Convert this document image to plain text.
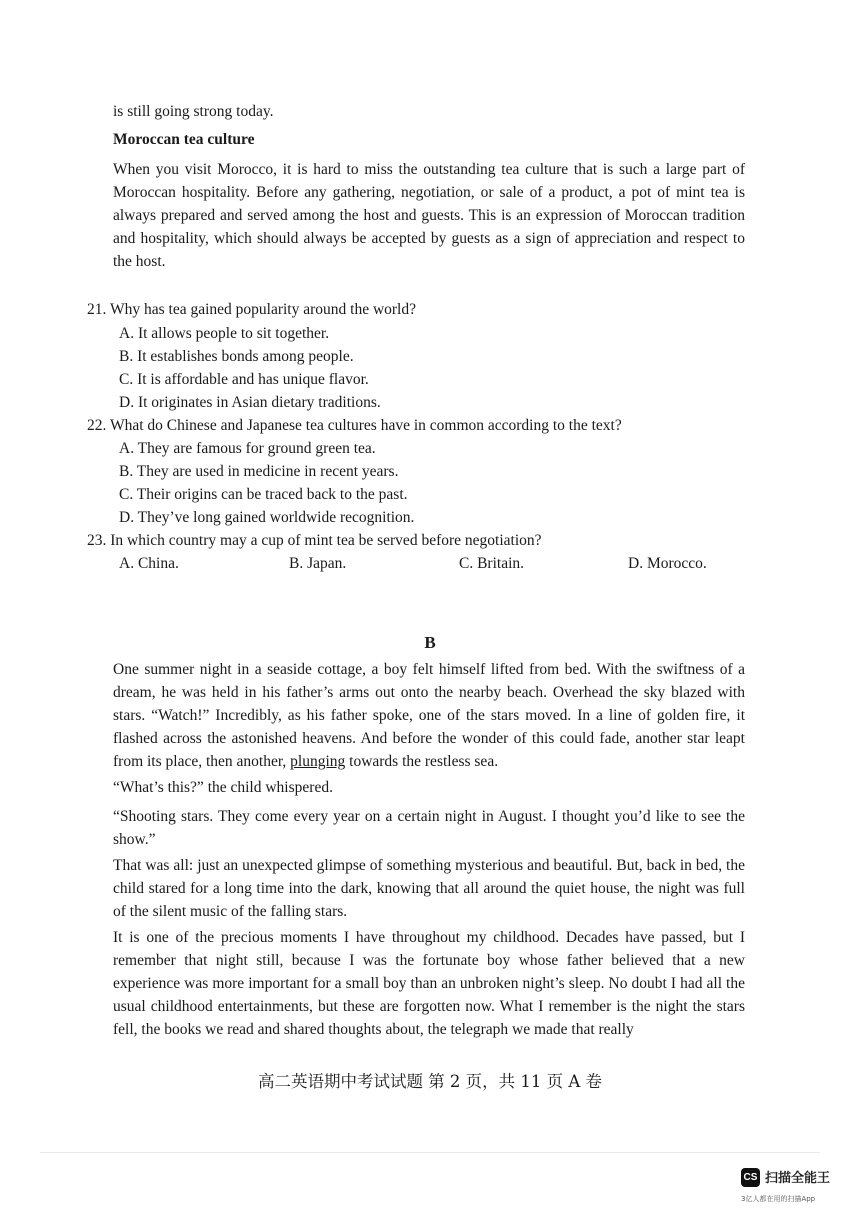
is still going strong today.

Moroccan tea culture

When you visit Morocco, it is hard to miss the outstanding tea culture that is such a large part of Moroccan hospitality. Before any gathering, negotiation, or sale of a product, a pot of mint tea is always prepared and served among the host and guests. This is an expression of Moroccan tradition and hospitality, which should always be accepted by guests as a sign of appreciation and respect to the host.

21. Why has tea gained popularity around the world?

A. It allows people to sit together.

B. It establishes bonds among people.

C. It is affordable and has unique flavor.

D. It originates in Asian dietary traditions.

22. What do Chinese and Japanese tea cultures have in common according to the text?

A. They are famous for ground green tea.

B. They are used in medicine in recent years.

C. Their origins can be traced back to the past.

D. They’ve long gained worldwide recognition.

23. In which country may a cup of mint tea be served before negotiation?

A. China.	B. Japan.	C. Britain.	D. Morocco.

B

One summer night in a seaside cottage, a boy felt himself lifted from bed. With the swiftness of a dream, he was held in his father’s arms out onto the nearby beach. Overhead the sky blazed with stars. “Watch!” Incredibly, as his father spoke, one of the stars moved. In a line of golden fire, it flashed across the astonished heavens. And before the wonder of this could fade, another star leapt from its place, then another, plunging towards the restless sea.

“What’s this?” the child whispered.

“Shooting stars. They come every year on a certain night in August. I thought you’d like to see the show.”

That was all: just an unexpected glimpse of something mysterious and beautiful. But, back in bed, the child stared for a long time into the dark, knowing that all around the quiet house, the night was full of the silent music of the falling stars.

It is one of the precious moments I have throughout my childhood. Decades have passed, but I remember that night still, because I was the fortunate boy whose father believed that a new experience was more important for a small boy than an unbroken night’s sleep. No doubt I had all the usual childhood entertainments, but these are forgotten now. What I remember is the night the stars fell, the books we read and shared thoughts about, the telegraph we made that really

高二英语期中考试试题 第 2 页，共 11 页 A 卷

CS 扫描全能王
3亿人都在用的扫描App
